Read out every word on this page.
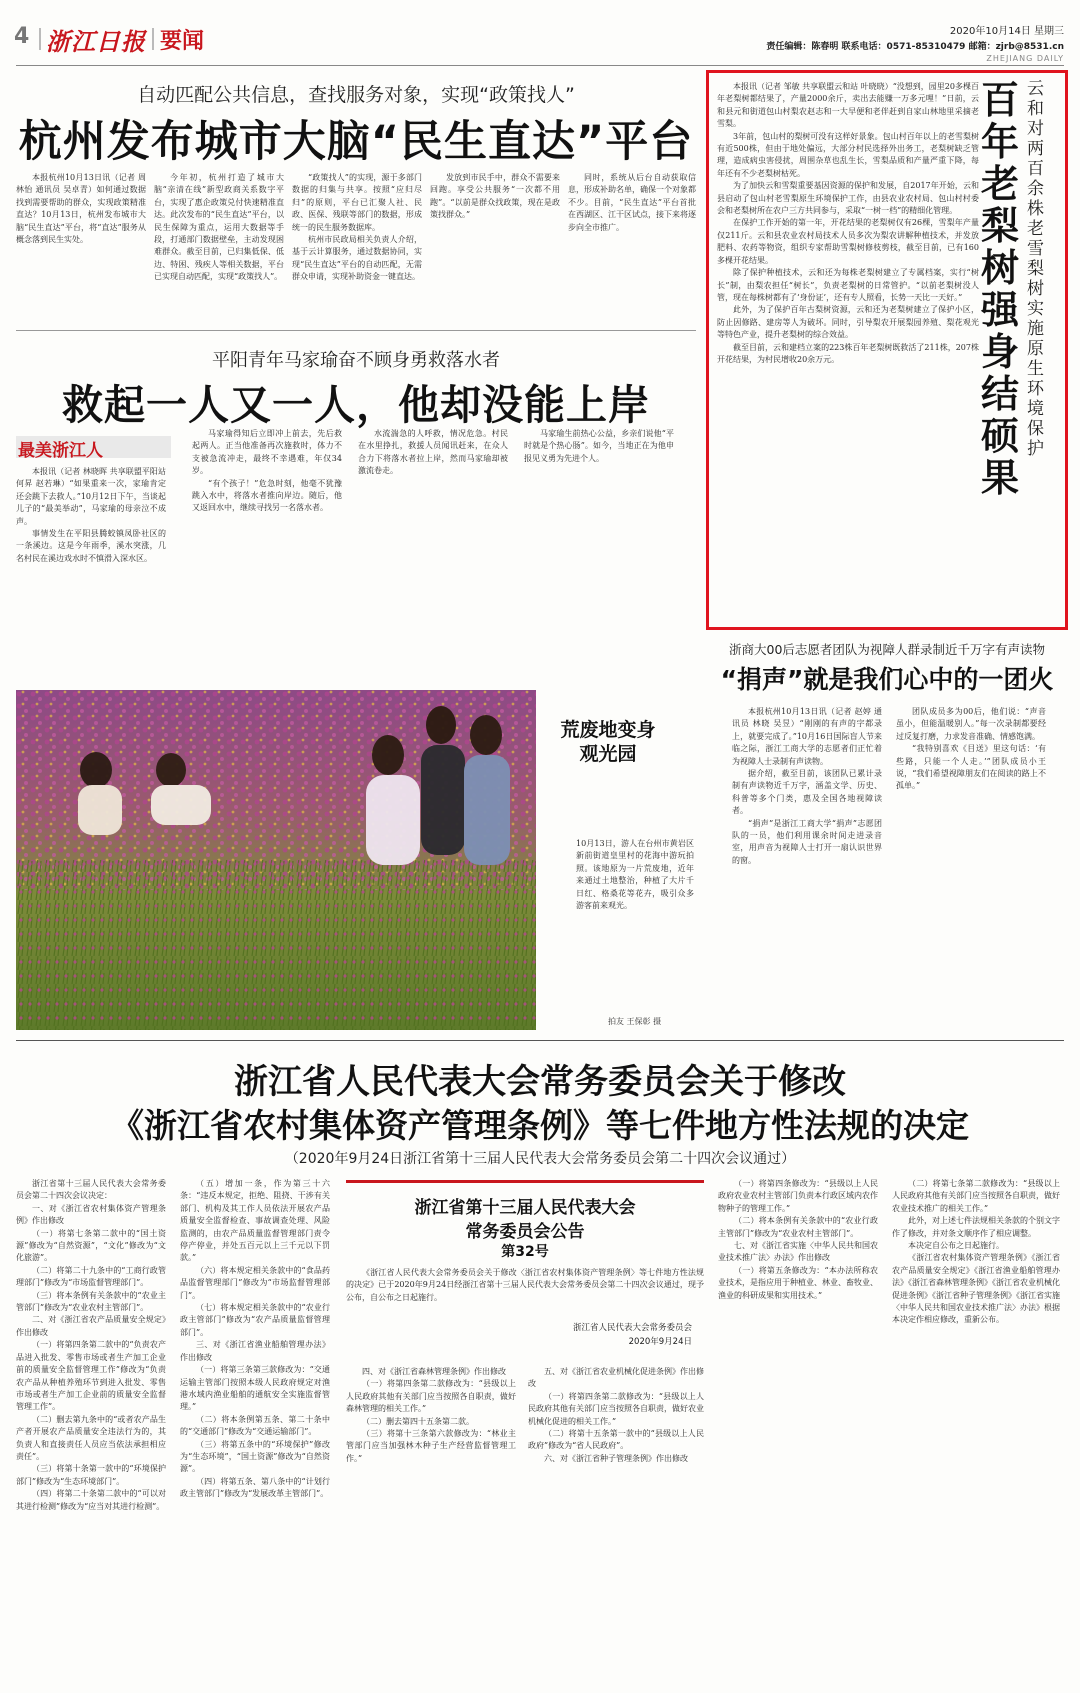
4 浙江日报 要闻	2020年10月14日 星期三
责任编辑：陈春明 联系电话：0571-85310479 邮箱：zjrb@8531.cn
ZHEJIANG DAILY
自动匹配公共信息，查找服务对象，实现“政策找人”
杭州发布城市大脑“民生直达”平台

本报杭州10月13日讯（记者 周林怡 通讯员 吴卓青）如何通过数据找到需要帮助的群众，实现政策精准直达？10月13日，杭州发布城市大脑“民生直达”平台，将“直达”服务从概念落到民生实处。

今年初，杭州打造了城市大脑“亲清在线”新型政商关系数字平台，实现了惠企政策兑付快速精准直达。此次发布的“民生直达”平台，以民生保障为重点，运用大数据等手段，打通部门数据壁垒，主动发现困难群众。截至目前，已归集低保、低边、特困、残疾人等相关数据，平台已实现自动匹配，实现“政策找人”。

“政策找人”的实现，源于多部门数据的归集与共享。按照“应归尽归”的原则，平台已汇聚人社、民政、医保、残联等部门的数据，形成统一的民生服务数据库。

杭州市民政局相关负责人介绍，基于云计算服务，通过数据协同，实现“民生直达”平台的自动匹配，无需群众申请，实现补助资金一键直达。

发放到市民手中，群众不需要来回跑。享受公共服务“一次都不用跑”。“以前是群众找政策，现在是政策找群众。”

同时，系统从后台自动获取信息，形成补助名单，确保一个对象都不少。目前，“民生直达”平台首批在西湖区、江干区试点，接下来将逐步向全市推广。

平阳青年马家瑜奋不顾身勇救落水者
救起一人又一人，他却没能上岸
最美浙江人

本报讯（记者 林晓晖 共享联盟平阳站 何昇 赵若琳）“如果重来一次，家瑜肯定还会跳下去救人。”10月12日下午，当谈起儿子的“最美举动”，马家瑜的母亲泣不成声。

事情发生在平阳县腾蛟镇凤卧社区的一条溪边。这是今年雨季，溪水突涨，几名村民在溪边戏水时不慎滑入深水区。

马家瑜得知后立即冲上前去，先后救起两人。正当他准备再次施救时，体力不支被急流冲走，最终不幸遇难，年仅34岁。

“有个孩子！”危急时刻，他毫不犹豫跳入水中，将落水者推向岸边。随后，他又返回水中，继续寻找另一名落水者。

水流湍急的人呼救，情况危急。村民在水里挣扎，救援人员闻讯赶来，在众人合力下将落水者拉上岸，然而马家瑜却被激流卷走。

马家瑜生前热心公益，乡亲们说他“平时就是个热心肠”。如今，当地正在为他申报见义勇为先进个人。

本报讯（记者 邹敏 共享联盟云和站 叶晓晓）“没想到，园里20多棵百年老梨树都结果了，产量2000余斤，卖出去能赚一万多元哩！”日前，云和县元和街道包山村梨农赵志和一大早便和老伴赶到自家山林地里采摘老雪梨。

3年前，包山村的梨树可没有这样好景象。包山村百年以上的老雪梨树有近500株，但由于地处偏远，大部分村民选择外出务工，老梨树缺乏管理，造成病虫害侵扰，周围杂草也乱生长，雪梨品质和产量严重下降，每年还有不少老梨树枯死。

为了加快云和雪梨重要基因资源的保护和发展，自2017年开始，云和县启动了包山村老雪梨原生环境保护工作，由县农业农村局、包山村村委会和老梨树所在农户三方共同参与，采取“一树一档”的精细化管理。

在保护工作开始的第一年，开花结果的老梨树仅有26棵，雪梨年产量仅211斤。云和县农业农村局技术人员多次为梨农讲解种植技术，并发放肥料、农药等物资，组织专家帮助雪梨树修枝剪枝，截至目前，已有160多棵开花结果。

除了保护种植技术，云和还为每株老梨树建立了专属档案，实行“树长”制，由梨农担任“树长”，负责老梨树的日常管护。“以前老梨树没人管，现在每株树都有了‘身份证’，还有专人照看，长势一天比一天好。”

此外，为了保护百年古梨树资源，云和还为老梨树建立了保护小区，防止因修路、建房等人为破坏。同时，引导梨农开展梨园养殖、梨花观光等特色产业，提升老梨树的综合效益。

截至目前，云和建档立案的223株百年老梨树既救活了211株，207株开花结果，为村民增收20余万元。

百年老梨树 强身结硕果
云和对两百余株老雪梨树实施原生环境保护
浙商大00后志愿者团队为视障人群录制近千万字有声读物
“捐声”就是我们心中的一团火

本报杭州10月13日讯（记者 赵婷 通讯员 林晓 吴昱）“刚刚的有声的字都录上，就要完成了。”10月16日国际盲人节来临之际，浙江工商大学的志愿者们正忙着为视障人士录制有声读物。

据介绍，截至目前，该团队已累计录制有声读物近千万字，涵盖文学、历史、科普等多个门类，惠及全国各地视障读者。

“捐声”是浙江工商大学“捐声”志愿团队的一员，他们利用课余时间走进录音室，用声音为视障人士打开一扇认识世界的窗。

团队成员多为00后，他们说：“声音虽小，但能温暖别人。”每一次录制都要经过反复打磨，力求发音准确、情感饱满。

“我特别喜欢《目送》里这句话：‘有些路，只能一个人走。’”团队成员小王说，“我们希望视障朋友们在阅读的路上不孤单。”

荒废地变身观光园

10月13日，游人在台州市黄岩区新前街道皇里村的花海中游玩拍照。该地原为一片荒废地，近年来通过土地整治，种植了大片千日红、格桑花等花卉，吸引众多游客前来观光。

拍友 王保彰 摄
浙江省人民代表大会常务委员会关于修改
《浙江省农村集体资产管理条例》等七件地方性法规的决定
（2020年9月24日浙江省第十三届人民代表大会常务委员会第二十四次会议通过）

浙江省第十三届人民代表大会常务委员会第二十四次会议决定：

一、对《浙江省农村集体资产管理条例》作出修改

（一）将第七条第二款中的“国土资源”修改为“自然资源”，“文化”修改为“文化旅游”。

（二）将第二十九条中的“工商行政管理部门”修改为“市场监督管理部门”。

（三）将本条例有关条款中的“农业主管部门”修改为“农业农村主管部门”。

二、对《浙江省农产品质量安全规定》作出修改

（一）将第四条第二款中的“负责农产品进入批发、零售市场或者生产加工企业前的质量安全监督管理工作”修改为“负责农产品从种植养殖环节到进入批发、零售市场或者生产加工企业前的质量安全监督管理工作”。

（二）删去第九条中的“或者农产品生产者开展农产品质量安全违法行为的，其负责人和直接责任人员应当依法承担相应责任”。

（三）将第十条第一款中的“环境保护部门”修改为“生态环境部门”。

（四）将第二十条第二款中的“可以对其进行检测”修改为“应当对其进行检测”。

（五）增加一条，作为第三十六条：“违反本规定，拒绝、阻挠、干涉有关部门、机构及其工作人员依法开展农产品质量安全监督检查、事故调查处理、风险监测的，由农产品质量监督管理部门责令停产停业，并处五百元以上三千元以下罚款。”

（六）将本规定相关条款中的“食品药品监督管理部门”修改为“市场监督管理部门”。

（七）将本规定相关条款中的“农业行政主管部门”修改为“农产品质量监督管理部门”。

三、对《浙江省渔业船舶管理办法》作出修改

（一）将第三条第三款修改为：“交通运输主管部门按照本级人民政府规定对渔港水域内渔业船舶的通航安全实施监督管理。”

（二）将本条例第五条、第二十条中的“交通部门”修改为“交通运输部门”。

（三）将第五条中的“环境保护”修改为“生态环境”，“国土资源”修改为“自然资源”。

（四）将第五条、第八条中的“计划行政主管部门”修改为“发展改革主管部门”。

浙江省第十三届人民代表大会
常务委员会公告
第32号

《浙江省人民代表大会常务委员会关于修改〈浙江省农村集体资产管理条例〉等七件地方性法规的决定》已于2020年9月24日经浙江省第十三届人民代表大会常务委员会第二十四次会议通过，现予公布，自公布之日起施行。

浙江省人民代表大会常务委员会
2020年9月24日

四、对《浙江省森林管理条例》作出修改

（一）将第四条第二款修改为：“县级以上人民政府其他有关部门应当按照各自职责，做好森林管理的相关工作。”

（二）删去第四十五条第二款。

（三）将第十三条第六款修改为：“林业主管部门应当加强林木种子生产经营监督管理工作。”

五、对《浙江省农业机械化促进条例》作出修改

（一）将第四条第二款修改为：“县级以上人民政府其他有关部门应当按照各自职责，做好农业机械化促进的相关工作。”

（二）将第十五条第一款中的“县级以上人民政府”修改为“省人民政府”。

六、对《浙江省种子管理条例》作出修改

（一）将第四条修改为：“县级以上人民政府农业农村主管部门负责本行政区域内农作物种子的管理工作。”

（二）将本条例有关条款中的“农业行政主管部门”修改为“农业农村主管部门”。

七、对《浙江省实施〈中华人民共和国农业技术推广法〉办法》作出修改

（一）将第五条修改为：“本办法所称农业技术，是指应用于种植业、林业、畜牧业、渔业的科研成果和实用技术。”

（二）将第七条第二款修改为：“县级以上人民政府其他有关部门应当按照各自职责，做好农业技术推广的相关工作。”

此外，对上述七件法规相关条款的个别文字作了修改，并对条文顺序作了相应调整。

本决定自公布之日起施行。

《浙江省农村集体资产管理条例》《浙江省农产品质量安全规定》《浙江省渔业船舶管理办法》《浙江省森林管理条例》《浙江省农业机械化促进条例》《浙江省种子管理条例》《浙江省实施〈中华人民共和国农业技术推广法〉办法》根据本决定作相应修改，重新公布。
